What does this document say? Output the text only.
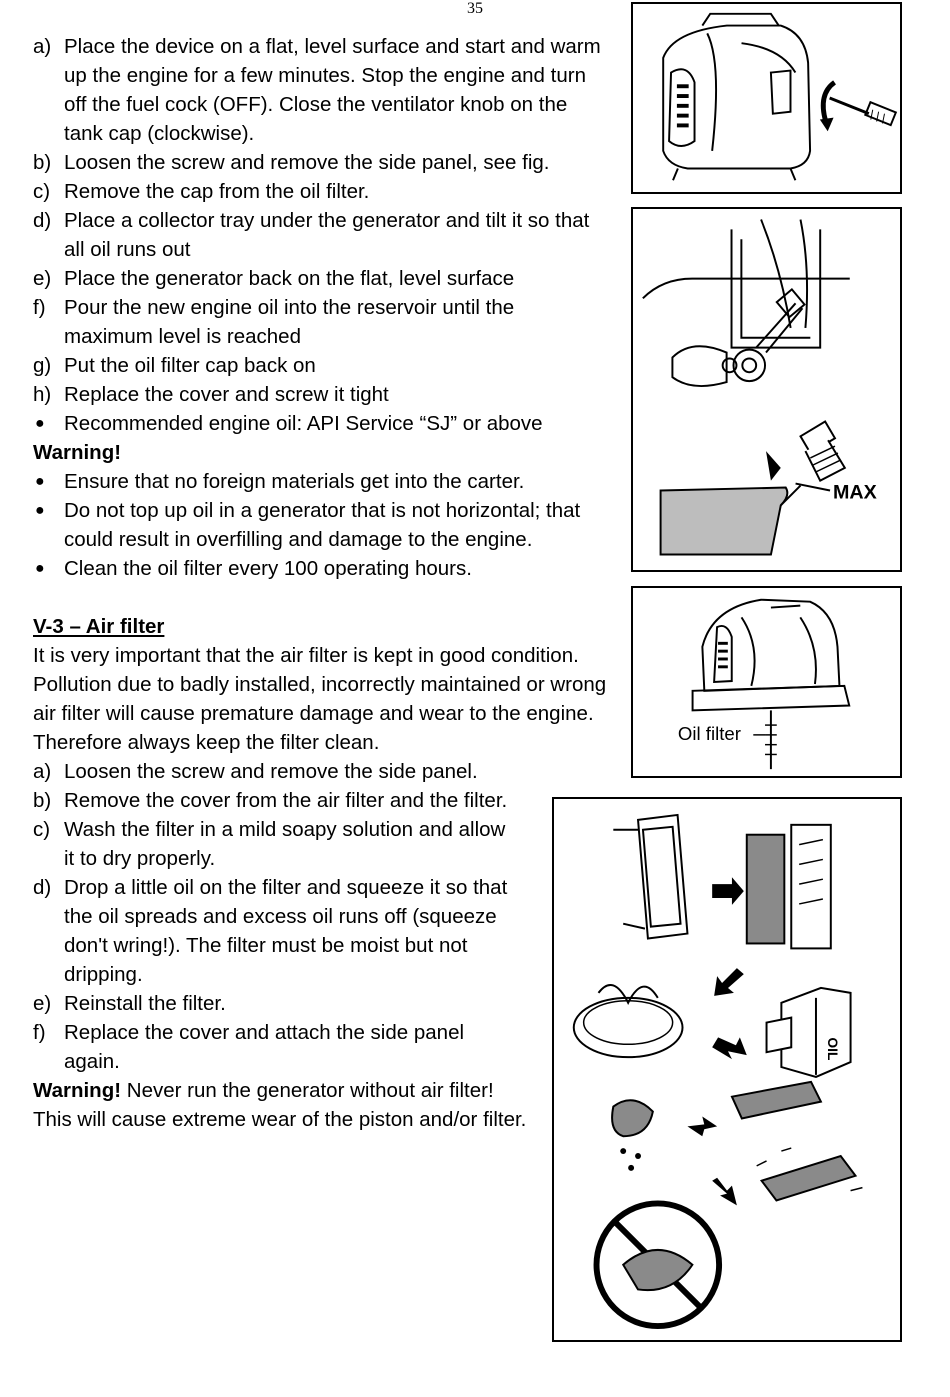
35
a) Place the device on a flat, level surface and start and warm up the engine for a few minutes. Stop the engine and turn off the fuel cock (OFF). Close the ventilator knob on the tank cap (clockwise).
b) Loosen the screw and remove the side panel, see fig.
c) Remove the cap from the oil filter.
d) Place a collector tray under the generator and tilt it so that all oil runs out
e) Place the generator back on the flat, level surface
f) Pour the new engine oil into the reservoir until the maximum level is reached
g) Put the oil filter cap back on
h) Replace the cover and screw it tight
● Recommended engine oil: API Service “SJ” or above
Warning!
● Ensure that no foreign materials get into the carter.
● Do not top up oil in a generator that is not horizontal; that could result in overfilling and damage to the engine.
● Clean the oil filter every 100 operating hours.
V-3 – Air filter
It is very important that the air filter is kept in good condition. Pollution due to badly installed, incorrectly maintained or wrong air filter will cause premature damage and wear to the engine. Therefore always keep the filter clean.
a) Loosen the screw and remove the side panel.
b) Remove the cover from the air filter and the filter.
c) Wash the filter in a mild soapy solution and allow it to dry properly.
d) Drop a little oil on the filter and squeeze it so that the oil spreads and excess oil runs off (squeeze don't wring!). The filter must be moist but not dripping.
e) Reinstall the filter.
f) Replace the cover and attach the side panel again.
Warning! Never run the generator without air filter! This will cause extreme wear of the piston and/or filter.
MAX
Oil filter
OIL
